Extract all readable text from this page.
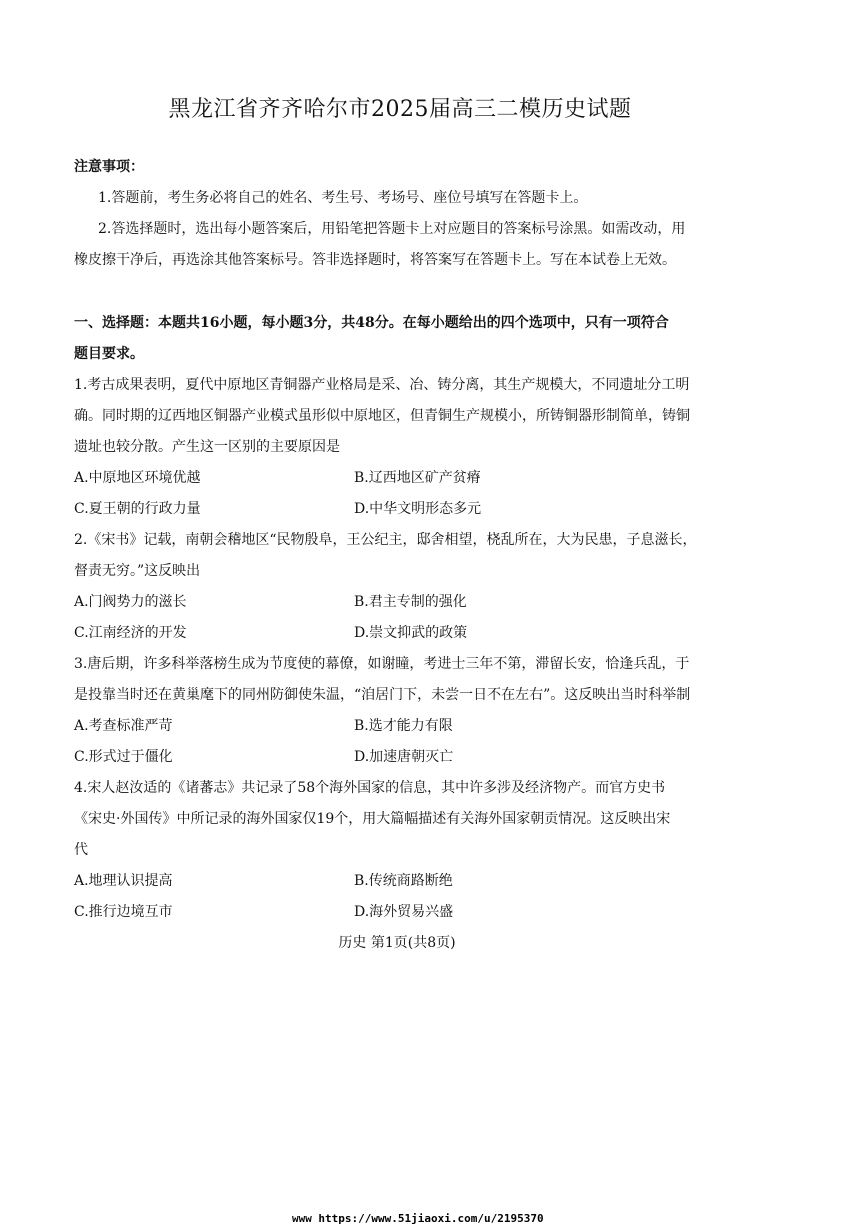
黑龙江省齐齐哈尔市2025届高三二模历史试题
注意事项：
1.答题前，考生务必将自己的姓名、考生号、考场号、座位号填写在答题卡上。
2.答选择题时，选出每小题答案后，用铅笔把答题卡上对应题目的答案标号涂黑。如需改动，用
橡皮擦干净后，再选涂其他答案标号。答非选择题时，将答案写在答题卡上。写在本试卷上无效。
一、选择题：本题共16小题，每小题3分，共48分。在每小题给出的四个选项中，只有一项符合
题目要求。
1.考古成果表明，夏代中原地区青铜器产业格局是采、冶、铸分离，其生产规模大，不同遗址分工明
确。同时期的辽西地区铜器产业模式虽形似中原地区，但青铜生产规模小，所铸铜器形制简单，铸铜
遗址也较分散。产生这一区别的主要原因是
A.中原地区环境优越	B.辽西地区矿产贫瘠
C.夏王朝的行政力量	D.中华文明形态多元
2.《宋书》记载，南朝会稽地区“民物殷阜，王公纪主，邸舍相望，桡乱所在，大为民患，子息滋长，
督责无穷。”这反映出
A.门阀势力的滋长	B.君主专制的强化
C.江南经济的开发	D.崇文抑武的政策
3.唐后期，许多科举落榜生成为节度使的幕僚，如谢瞳，考进士三年不第，滞留长安，恰逢兵乱，于
是投靠当时还在黄巢麾下的同州防御使朱温，“洎居门下，未尝一日不在左右”。这反映出当时科举制
A.考查标准严苛	B.选才能力有限
C.形式过于僵化	D.加速唐朝灭亡
4.宋人赵汝适的《诸蕃志》共记录了58个海外国家的信息，其中许多涉及经济物产。而官方史书
《宋史·外国传》中所记录的海外国家仅19个，用大篇幅描述有关海外国家朝贡情况。这反映出宋
代
A.地理认识提高	B.传统商路断绝
C.推行边境互市	D.海外贸易兴盛
历史 第1页(共8页)
ᴡᴡᴡ https://www.51jiaoxi.com/u/2195370
